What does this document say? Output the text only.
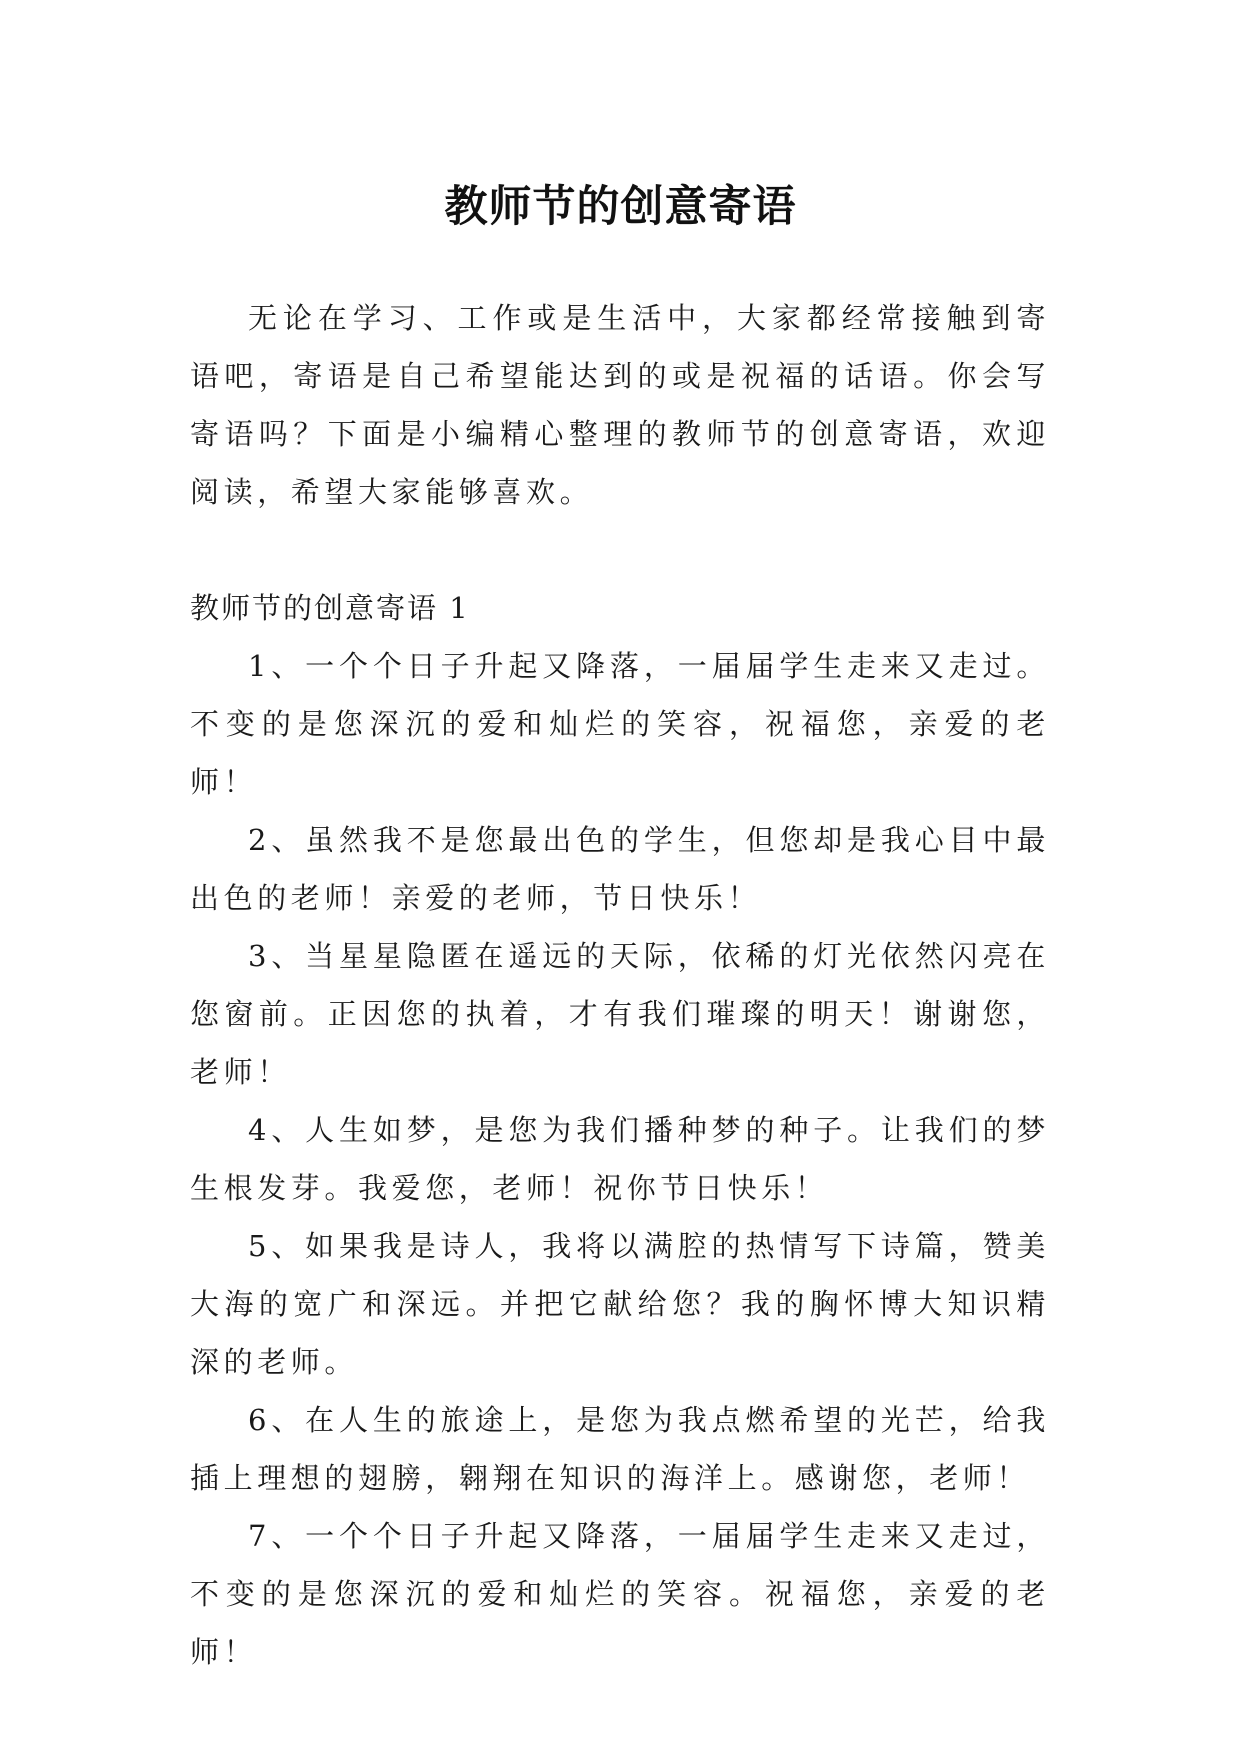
教师节的创意寄语

无论在学习、工作或是生活中，大家都经常接触到寄语吧，寄语是自己希望能达到的或是祝福的话语。你会写寄语吗？下面是小编精心整理的教师节的创意寄语，欢迎阅读，希望大家能够喜欢。

教师节的创意寄语 1

1、一个个日子升起又降落，一届届学生走来又走过。不变的是您深沉的爱和灿烂的笑容，祝福您，亲爱的老师！

2、虽然我不是您最出色的学生，但您却是我心目中最出色的老师！亲爱的老师，节日快乐！

3、当星星隐匿在遥远的天际，依稀的灯光依然闪亮在您窗前。正因您的执着，才有我们璀璨的明天！谢谢您，老师！

4、人生如梦，是您为我们播种梦的种子。让我们的梦生根发芽。我爱您，老师！祝你节日快乐！

5、如果我是诗人，我将以满腔的热情写下诗篇，赞美大海的宽广和深远。并把它献给您？我的胸怀博大知识精深的老师。

6、在人生的旅途上，是您为我点燃希望的光芒，给我插上理想的翅膀，翱翔在知识的海洋上。感谢您，老师！

7、一个个日子升起又降落，一届届学生走来又走过，不变的是您深沉的爱和灿烂的笑容。祝福您，亲爱的老师！
